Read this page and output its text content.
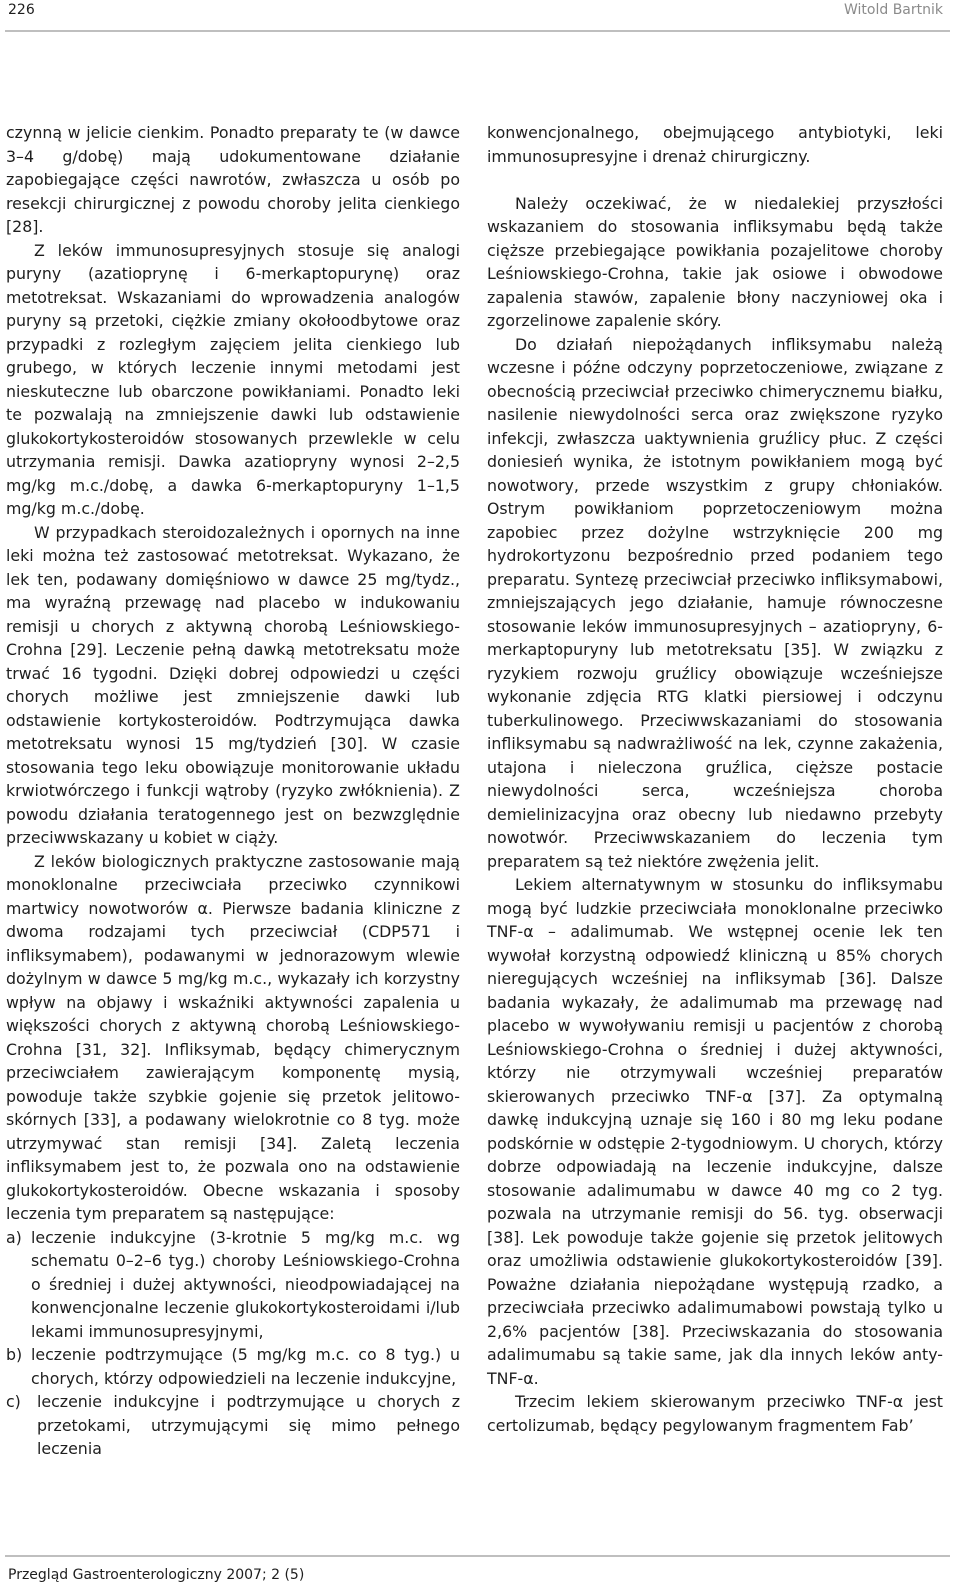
226	Witold Bartnik

czynną w jelicie cienkim. Ponadto preparaty te (w dawce 3–4 g/dobę) mają udokumentowane działanie zapobiegające części nawrotów, zwłaszcza u osób po resekcji chirurgicznej z powodu choroby jelita cienkiego [28].

Z leków immunosupresyjnych stosuje się analogi puryny (azatioprynę i 6-merkaptopurynę) oraz metotreksat. Wskazaniami do wprowadzenia analogów puryny są przetoki, ciężkie zmiany okołoodbytowe oraz przypadki z rozległym zajęciem jelita cienkiego lub grubego, w których leczenie innymi metodami jest nieskuteczne lub obarczone powikłaniami. Ponadto leki te pozwalają na zmniejszenie dawki lub odstawienie glukokortykosteroidów stosowanych przewlekle w celu utrzymania remisji. Dawka azatiopryny wynosi 2–2,5 mg/kg m.c./dobę, a dawka 6-merkaptopuryny 1–1,5 mg/kg m.c./dobę.

W przypadkach steroidozależnych i opornych na inne leki można też zastosować metotreksat. Wykazano, że lek ten, podawany domięśniowo w dawce 25 mg/tydz., ma wyraźną przewagę nad placebo w indukowaniu remisji u chorych z aktywną chorobą Leśniowskiego-Crohna [29]. Leczenie pełną dawką metotreksatu może trwać 16 tygodni. Dzięki dobrej odpowiedzi u części chorych możliwe jest zmniejszenie dawki lub odstawienie kortykosteroidów. Podtrzymująca dawka metotreksatu wynosi 15 mg/tydzień [30]. W czasie stosowania tego leku obowiązuje monitorowanie układu krwiotwórczego i funkcji wątroby (ryzyko zwłóknienia). Z powodu działania teratogennego jest on bezwzględnie przeciwwskazany u kobiet w ciąży.

Z leków biologicznych praktyczne zastosowanie mają monoklonalne przeciwciała przeciwko czynnikowi martwicy nowotworów α. Pierwsze badania kliniczne z dwoma rodzajami tych przeciwciał (CDP571 i infliksymabem), podawanymi w jednorazowym wlewie dożylnym w dawce 5 mg/kg m.c., wykazały ich korzystny wpływ na objawy i wskaźniki aktywności zapalenia u większości chorych z aktywną chorobą Leśniowskiego-Crohna [31, 32]. Infliksymab, będący chimerycznym przeciwciałem zawierającym komponentę mysią, powoduje także szybkie gojenie się przetok jelitowo-skórnych [33], a podawany wielokrotnie co 8 tyg. może utrzymywać stan remisji [34]. Zaletą leczenia infliksymabem jest to, że pozwala ono na odstawienie glukokortykosteroidów. Obecne wskazania i sposoby leczenia tym preparatem są następujące:

a) leczenie indukcyjne (3-krotnie 5 mg/kg m.c. wg schematu 0–2–6 tyg.) choroby Leśniowskiego-Crohna o średniej i dużej aktywności, nieodpowiadającej na konwencjonalne leczenie glukokortykosteroidami i/lub lekami immunosupresyjnymi,
b) leczenie podtrzymujące (5 mg/kg m.c. co 8 tyg.) u chorych, którzy odpowiedzieli na leczenie indukcyjne,
c) leczenie indukcyjne i podtrzymujące u chorych z przetokami, utrzymującymi się mimo pełnego leczenia

konwencjonalnego, obejmującego antybiotyki, leki immunosupresyjne i drenaż chirurgiczny.

Należy oczekiwać, że w niedalekiej przyszłości wskazaniem do stosowania infliksymabu będą także cięższe przebiegające powikłania pozajelitowe choroby Leśniowskiego-Crohna, takie jak osiowe i obwodowe zapalenia stawów, zapalenie błony naczyniowej oka i zgorzelinowe zapalenie skóry.

Do działań niepożądanych infliksymabu należą wczesne i późne odczyny poprzetoczeniowe, związane z obecnością przeciwciał przeciwko chimerycznemu białku, nasilenie niewydolności serca oraz zwiększone ryzyko infekcji, zwłaszcza uaktywnienia gruźlicy płuc. Z części doniesień wynika, że istotnym powikłaniem mogą być nowotwory, przede wszystkim z grupy chłoniaków. Ostrym powikłaniom poprzetoczeniowym można zapobiec przez dożylne wstrzyknięcie 200 mg hydrokortyzonu bezpośrednio przed podaniem tego preparatu. Syntezę przeciwciał przeciwko infliksymabowi, zmniejszających jego działanie, hamuje równoczesne stosowanie leków immunosupresyjnych – azatiopryny, 6-merkaptopuryny lub metotreksatu [35]. W związku z ryzykiem rozwoju gruźlicy obowiązuje wcześniejsze wykonanie zdjęcia RTG klatki piersiowej i odczynu tuberkulinowego. Przeciwwskazaniami do stosowania infliksymabu są nadwrażliwość na lek, czynne zakażenia, utajona i nieleczona gruźlica, cięższe postacie niewydolności serca, wcześniejsza choroba demielinizacyjna oraz obecny lub niedawno przebyty nowotwór. Przeciwwskazaniem do leczenia tym preparatem są też niektóre zwężenia jelit.

Lekiem alternatywnym w stosunku do infliksymabu mogą być ludzkie przeciwciała monoklonalne przeciwko TNF-α – adalimumab. We wstępnej ocenie lek ten wywołał korzystną odpowiedź kliniczną u 85% chorych nieregujących wcześniej na infliksymab [36]. Dalsze badania wykazały, że adalimumab ma przewagę nad placebo w wywoływaniu remisji u pacjentów z chorobą Leśniowskiego-Crohna o średniej i dużej aktywności, którzy nie otrzymywali wcześniej preparatów skierowanych przeciwko TNF-α [37]. Za optymalną dawkę indukcyjną uznaje się 160 i 80 mg leku podane podskórnie w odstępie 2-tygodniowym. U chorych, którzy dobrze odpowiadają na leczenie indukcyjne, dalsze stosowanie adalimumabu w dawce 40 mg co 2 tyg. pozwala na utrzymanie remisji do 56. tyg. obserwacji [38]. Lek powoduje także gojenie się przetok jelitowych oraz umożliwia odstawienie glukokortykosteroidów [39]. Poważne działania niepożądane występują rzadko, a przeciwciała przeciwko adalimumabowi powstają tylko u 2,6% pacjentów [38]. Przeciwskazania do stosowania adalimumabu są takie same, jak dla innych leków anty-TNF-α.

Trzecim lekiem skierowanym przeciwko TNF-α jest certolizumab, będący pegylowanym fragmentem Fab’

Przegląd Gastroenterologiczny 2007; 2 (5)
